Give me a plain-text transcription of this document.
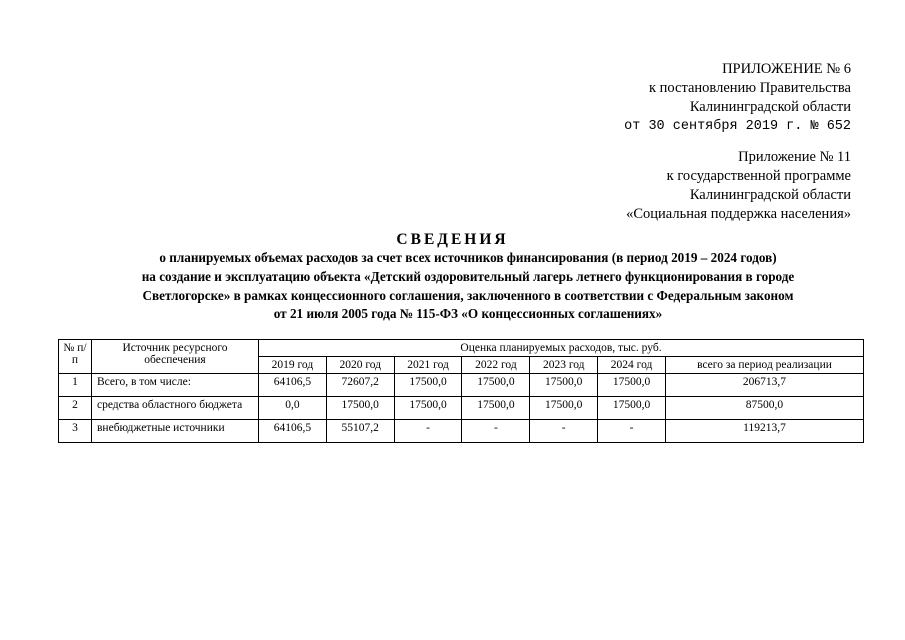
ПРИЛОЖЕНИЕ № 6
к постановлению Правительства
Калининградской области
от 30 сентября 2019 г. № 652
Приложение № 11
к государственной программе
Калининградской области
«Социальная поддержка населения»
СВЕДЕНИЯ
о планируемых объемах расходов за счет всех источников финансирования (в период 2019 – 2024 годов)
на создание и эксплуатацию объекта «Детский оздоровительный лагерь летнего функционирования в городе
Светлогорске» в рамках концессионного соглашения, заключенного в соответствии с Федеральным законом
от 21 июля 2005 года № 115-ФЗ «О концессионных соглашениях»
№ п/п	Источник ресурсного обеспечения	Оценка планируемых расходов, тыс. руб.						
		2019 год	2020 год	2021 год	2022 год	2023 год	2024 год	всего за период реализации
1	Всего, в том числе:	64106,5	72607,2	17500,0	17500,0	17500,0	17500,0	206713,7
2	средства областного бюджета	0,0	17500,0	17500,0	17500,0	17500,0	17500,0	87500,0
3	внебюджетные источники	64106,5	55107,2	-	-	-	-	119213,7
